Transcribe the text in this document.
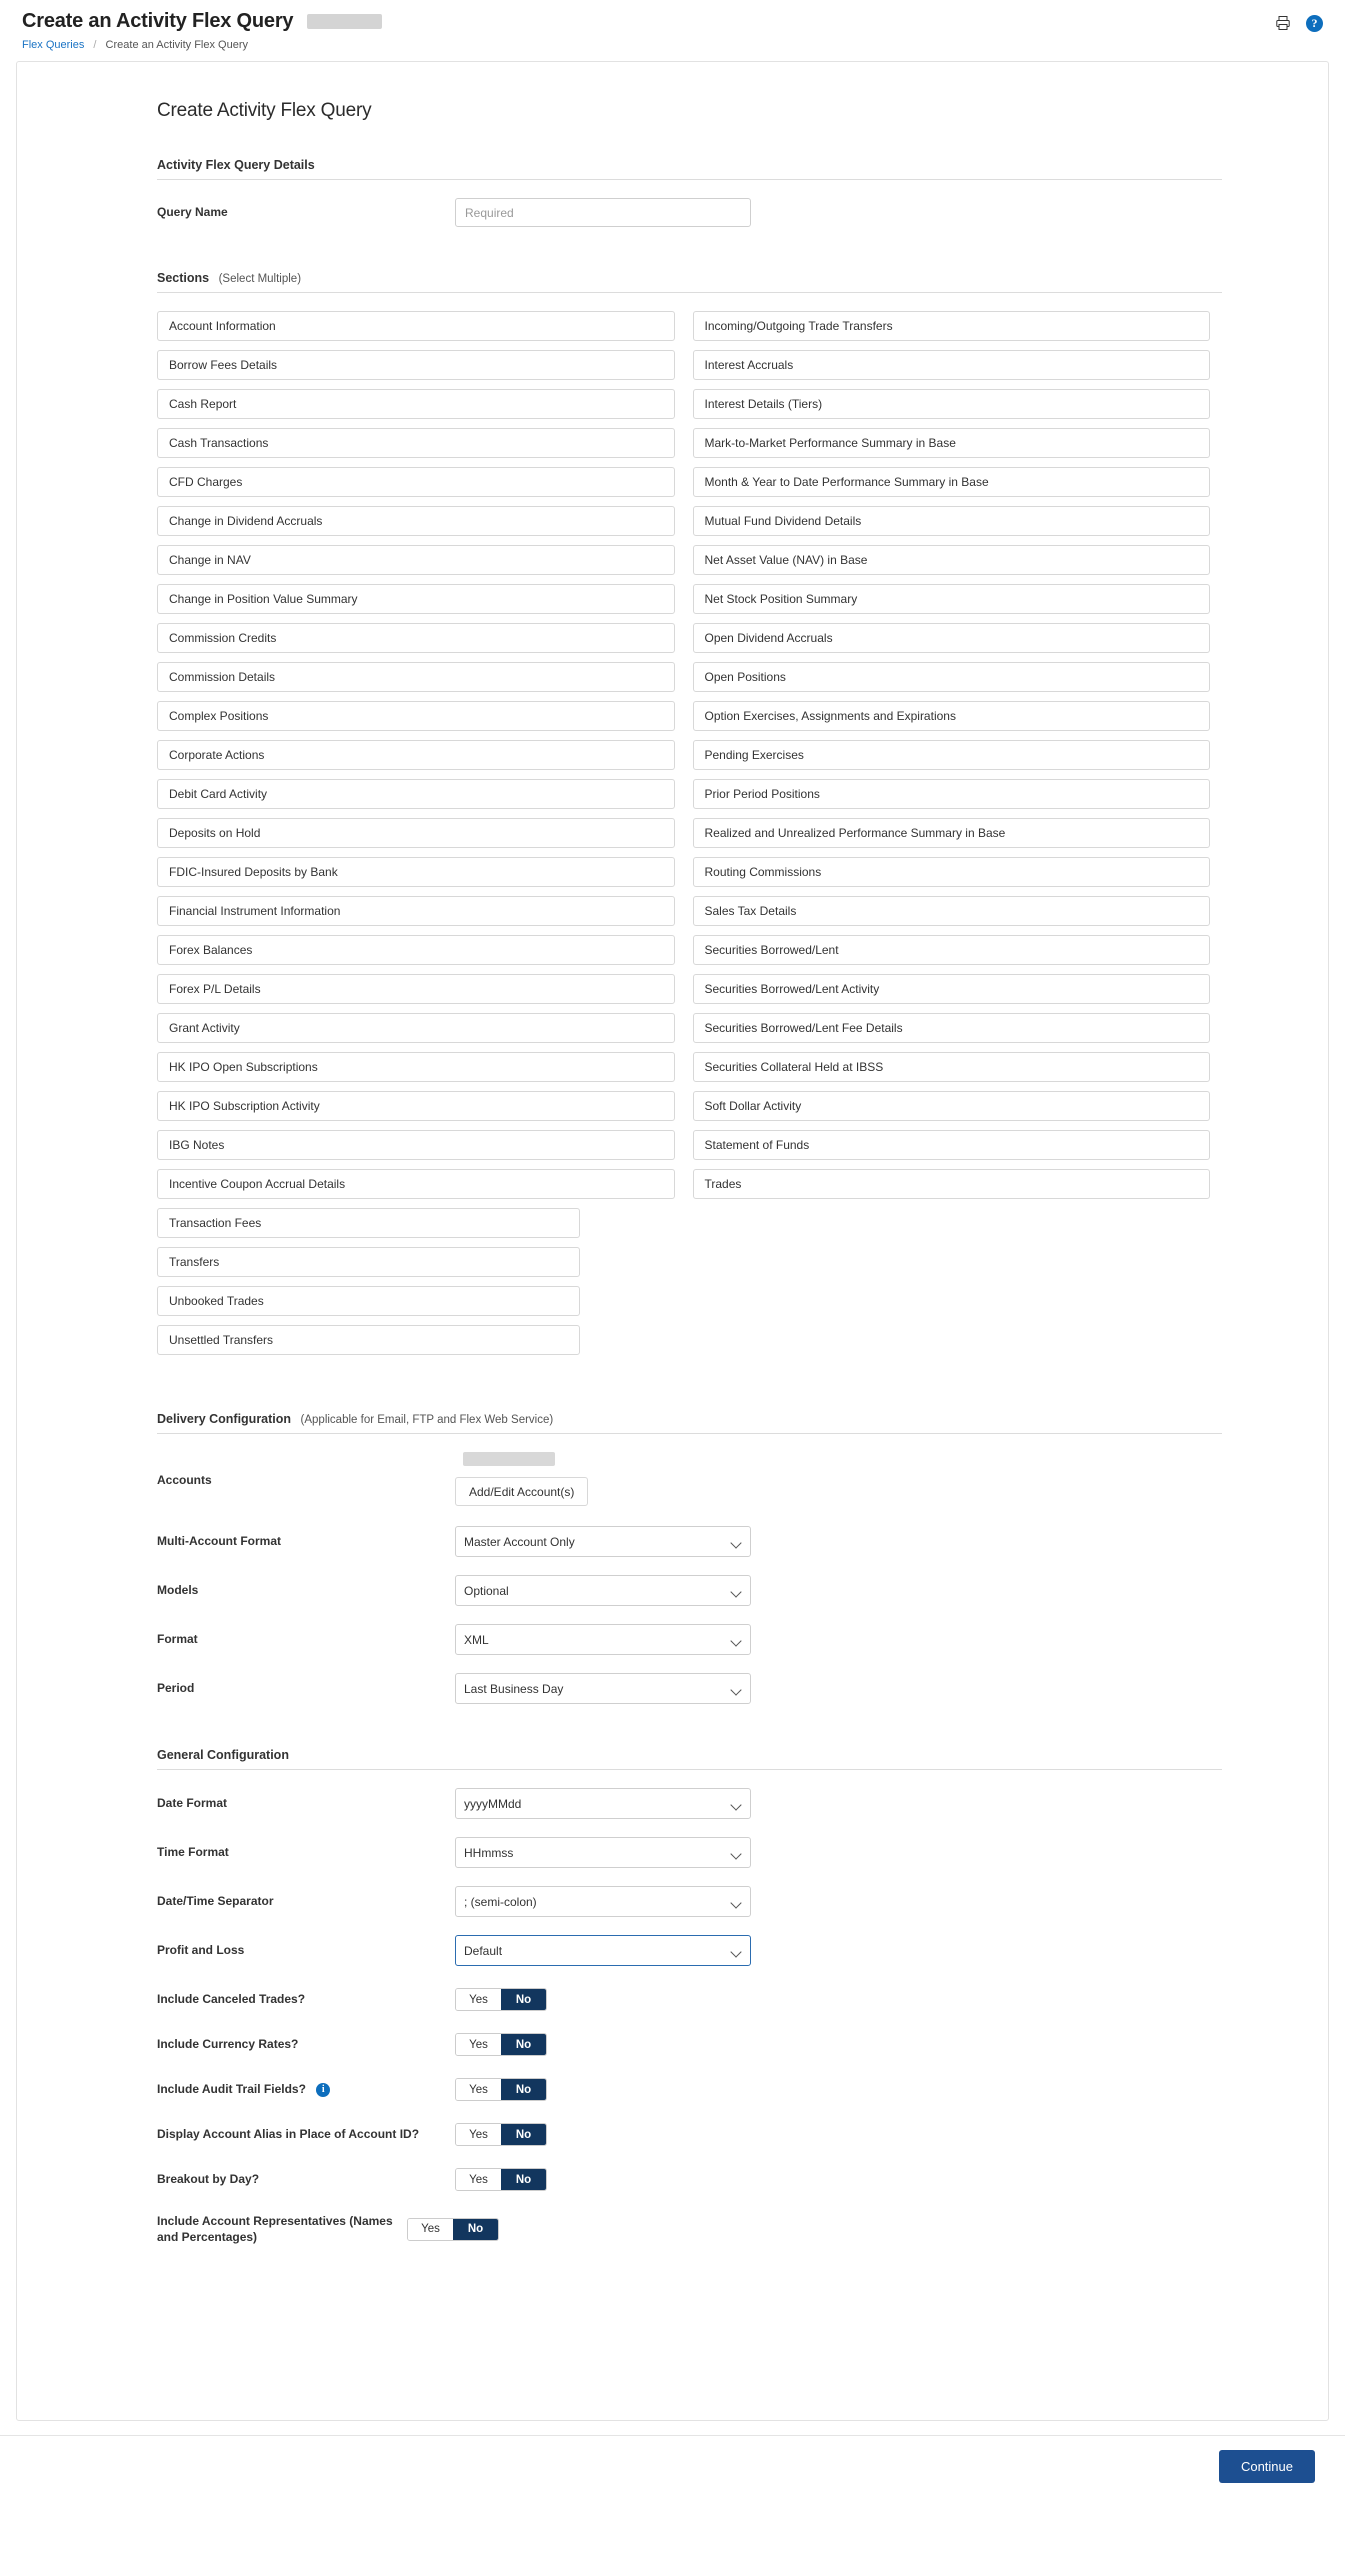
Create an Activity Flex Query	?
Flex Queries / Create an Activity Flex Query
Create Activity Flex Query
Activity Flex Query Details
Query Name
Required
Sections (Select Multiple)
Account Information
Borrow Fees Details
Cash Report
Cash Transactions
CFD Charges
Change in Dividend Accruals
Change in NAV
Change in Position Value Summary
Commission Credits
Commission Details
Complex Positions
Corporate Actions
Debit Card Activity
Deposits on Hold
FDIC-Insured Deposits by Bank
Financial Instrument Information
Forex Balances
Forex P/L Details
Grant Activity
HK IPO Open Subscriptions
HK IPO Subscription Activity
IBG Notes
Incentive Coupon Accrual Details
Transaction Fees
Transfers
Unbooked Trades
Unsettled Transfers
Incoming/Outgoing Trade Transfers
Interest Accruals
Interest Details (Tiers)
Mark-to-Market Performance Summary in Base
Month & Year to Date Performance Summary in Base
Mutual Fund Dividend Details
Net Asset Value (NAV) in Base
Net Stock Position Summary
Open Dividend Accruals
Open Positions
Option Exercises, Assignments and Expirations
Pending Exercises
Prior Period Positions
Realized and Unrealized Performance Summary in Base
Routing Commissions
Sales Tax Details
Securities Borrowed/Lent
Securities Borrowed/Lent Activity
Securities Borrowed/Lent Fee Details
Securities Collateral Held at IBSS
Soft Dollar Activity
Statement of Funds
Trades
Delivery Configuration (Applicable for Email, FTP and Flex Web Service)
Accounts
Add/Edit Account(s)
Multi-Account Format
Master Account Only
Models
Optional
Format
XML
Period
Last Business Day
General Configuration
Date Format
yyyyMMdd
Time Format
HHmmss
Date/Time Separator
; (semi-colon)
Profit and Loss
Default
Include Canceled Trades?	Yes	No
Include Currency Rates?	Yes	No
Include Audit Trail Fields? i	Yes	No
Display Account Alias in Place of Account ID?	Yes	No
Breakout by Day?	Yes	No
Include Account Representatives (Names and Percentages)
Yes	No
Continue
